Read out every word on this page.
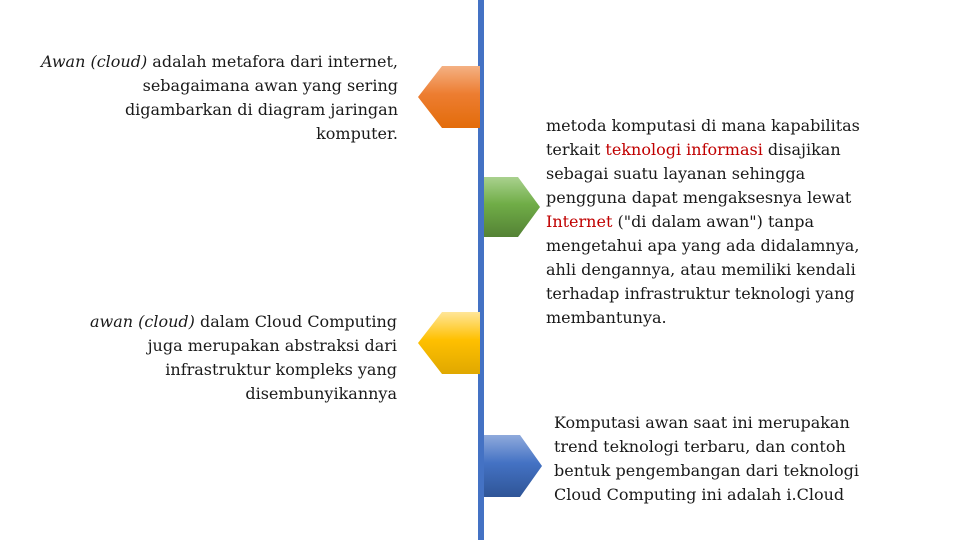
Awan (cloud) adalah metafora dari internet, sebagaimana awan yang sering digambarkan di diagram jaringan komputer.	metoda komputasi di mana kapabilitas terkait teknologi informasi disajikan sebagai suatu layanan sehingga pengguna dapat mengaksesnya lewat Internet ("di dalam awan") tanpa mengetahui apa yang ada didalamnya, ahli dengannya, atau memiliki kendali terhadap infrastruktur teknologi yang membantunya.
awan (cloud) dalam Cloud Computing juga merupakan abstraksi dari infrastruktur kompleks yang disembunyikannya
Komputasi awan saat ini merupakan trend teknologi terbaru, dan contoh bentuk pengembangan dari teknologi Cloud Computing ini adalah i.Cloud
